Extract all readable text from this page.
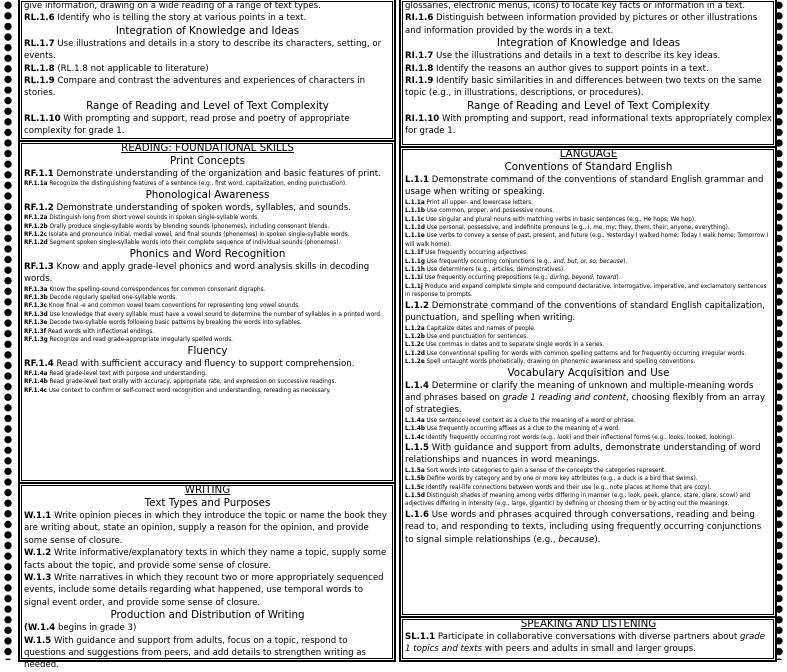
give information, drawing on a wide reading of a range of text types.

RL.1.6 Identify who is telling the story at various points in a text.

Integration of Knowledge and Ideas

RL.1.7 Use illustrations and details in a story to describe its characters, setting, or events.

RL.1.8 (RL.1.8 not applicable to literature)

RL.1.9 Compare and contrast the adventures and experiences of characters in stories.

Range of Reading and Level of Text Complexity

RL.1.10 With prompting and support, read prose and poetry of appropriate complexity for grade 1.

READING: FOUNDATIONAL SKILLS
Print Concepts

RF.1.1 Demonstrate understanding of the organization and basic features of print.

RF.1.1a Recognize the distinguishing features of a sentence (e.g., first word, capitalization, ending punctuation).

Phonological Awareness

RF.1.2 Demonstrate understanding of spoken words, syllables, and sounds.

RF.1.2a Distinguish long from short vowel sounds in spoken single-syllable words.

RF.1.2b Orally produce single-syllable words by blending sounds (phonemes), including consonant blends.

RF.1.2c Isolate and pronounce initial, medial vowel, and final sounds (phonemes) in spoken single-syllable words.

RF.1.2d Segment spoken single-syllable words into their complete sequence of individual sounds (phonemes).

Phonics and Word Recognition

RF.1.3 Know and apply grade-level phonics and word analysis skills in decoding words.

RF.1.3a Know the spelling-sound correspondences for common consonant digraphs.

RF.1.3b Decode regularly spelled one-syllable words.

RF.1.3c Know final -e and common vowel team conventions for representing long vowel sounds.

RF.1.3d Use knowledge that every syllable must have a vowel sound to determine the number of syllables in a printed word.

RF.1.3e Decode two-syllable words following basic patterns by breaking the words into syllables.

RF.1.3f Read words with inflectional endings.

RF.1.3g Recognize and read grade-appropriate irregularly spelled words.

Fluency

RF.1.4 Read with sufficient accuracy and fluency to support comprehension.

RF.1.4a Read grade-level text with purpose and understanding.

RF.1.4b Read grade-level text orally with accuracy, appropriate rate, and expression on successive readings.

RF.1.4c Use context to confirm or self-correct word recognition and understanding, rereading as necessary.

WRITING
Text Types and Purposes

W.1.1 Write opinion pieces in which they introduce the topic or name the book they are writing about, state an opinion, supply a reason for the opinion, and provide some sense of closure.

W.1.2 Write informative/explanatory texts in which they name a topic, supply some facts about the topic, and provide some sense of closure.

W.1.3 Write narratives in which they recount two or more appropriately sequenced events, include some details regarding what happened, use temporal words to signal event order, and provide some sense of closure.

Production and Distribution of Writing

(W.1.4 begins in grade 3)

W.1.5 With guidance and support from adults, focus on a topic, respond to questions and suggestions from peers, and add details to strengthen writing as needed.

glossaries, electronic menus, icons) to locate key facts or information in a text.

RI.1.6 Distinguish between information provided by pictures or other illustrations and information provided by the words in a text.

Integration of Knowledge and Ideas

RI.1.7 Use the illustrations and details in a text to describe its key ideas.

RI.1.8 Identify the reasons an author gives to support points in a text.

RI.1.9 Identify basic similarities in and differences between two texts on the same topic (e.g., in illustrations, descriptions, or procedures).

Range of Reading and Level of Text Complexity

RI.1.10 With prompting and support, read informational texts appropriately complex for grade 1.

LANGUAGE
Conventions of Standard English

L.1.1 Demonstrate command of the conventions of standard English grammar and usage when writing or speaking.

L.1.1a Print all upper- and lowercase letters.

L.1.1b Use common, proper, and possessive nouns.

L.1.1c Use singular and plural nouns with matching verbs in basic sentences (e.g., He hops; We hop).

L.1.1d Use personal, possessive, and indefinite pronouns (e.g., I, me, my; they, them, their; anyone, everything).

L.1.1e Use verbs to convey a sense of past, present, and future (e.g., Yesterday I walked home; Today I walk home; Tomorrow I will walk home).

L.1.1f Use frequently occurring adjectives.

L.1.1g Use frequently occurring conjunctions (e.g., and, but, or, so, because).

L.1.1h Use determiners (e.g., articles, demonstratives).

L.1.1i Use frequently occurring prepositions (e.g., during, beyond, toward).

L.1.1j Produce and expand complete simple and compound declarative, interrogative, imperative, and exclamatory sentences in response to prompts.

L.1.2 Demonstrate command of the conventions of standard English capitalization, punctuation, and spelling when writing.

L.1.2a Capitalize dates and names of people.

L.1.2b Use end punctuation for sentences.

L.1.2c Use commas in dates and to separate single words in a series.

L.1.2d Use conventional spelling for words with common spelling patterns and for frequently occurring irregular words.

L.1.2e Spell untaught words phonetically, drawing on phonemic awareness and spelling conventions.

Vocabulary Acquisition and Use

L.1.4 Determine or clarify the meaning of unknown and multiple-meaning words and phrases based on grade 1 reading and content, choosing flexibly from an array of strategies.

L.1.4a Use sentence-level context as a clue to the meaning of a word or phrase.

L.1.4b Use frequently occurring affixes as a clue to the meaning of a word.

L.1.4c Identify frequently occurring root words (e.g., look) and their inflectional forms (e.g., looks, looked, looking).

L.1.5 With guidance and support from adults, demonstrate understanding of word relationships and nuances in word meanings.

L.1.5a Sort words into categories to gain a sense of the concepts the categories represent.

L.1.5b Define words by category and by one or more key attributes (e.g., a duck is a bird that swims).

L.1.5c Identify real-life connections between words and their use (e.g., note places at home that are cozy).

L.1.5d Distinguish shades of meaning among verbs differing in manner (e.g., look, peek, glance, stare, glare, scowl) and adjectives differing in intensity (e.g., large, gigantic) by defining or choosing them or by acting out the meanings.

L.1.6 Use words and phrases acquired through conversations, reading and being read to, and responding to texts, including using frequently occurring conjunctions to signal simple relationships (e.g., because).

SPEAKING AND LISTENING

SL.1.1 Participate in collaborative conversations with diverse partners about grade 1 topics and texts with peers and adults in small and larger groups.
